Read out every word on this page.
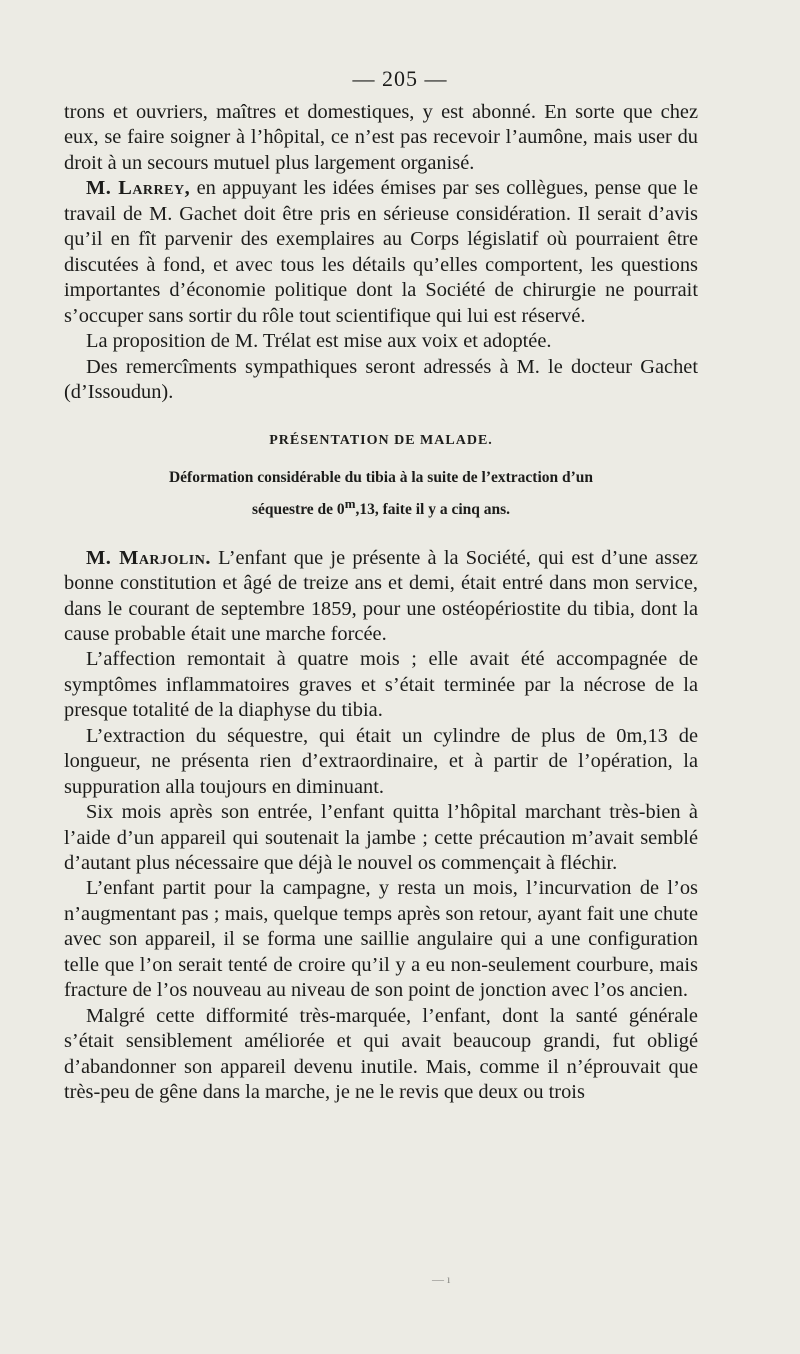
— 205 —

trons et ouvriers, maîtres et domestiques, y est abonné. En sorte que chez eux, se faire soigner à l’hôpital, ce n’est pas recevoir l’aumône, mais user du droit à un secours mutuel plus largement organisé.

M. Larrey, en appuyant les idées émises par ses collègues, pense que le travail de M. Gachet doit être pris en sérieuse considération. Il serait d’avis qu’il en fît parvenir des exemplaires au Corps législatif où pourraient être discutées à fond, et avec tous les détails qu’elles comportent, les questions importantes d’économie politique dont la Société de chirurgie ne pourrait s’occuper sans sortir du rôle tout scientifique qui lui est réservé.

La proposition de M. Trélat est mise aux voix et adoptée.

Des remercîments sympathiques seront adressés à M. le docteur Gachet (d’Issoudun).

PRÉSENTATION DE MALADE.
Déformation considérable du tibia à la suite de l’extraction d’un
séquestre de 0$^m$,13, faite il y a cinq ans.

M. Marjolin. L’enfant que je présente à la Société, qui est d’une assez bonne constitution et âgé de treize ans et demi, était entré dans mon service, dans le courant de septembre 1859, pour une ostéopériostite du tibia, dont la cause probable était une marche forcée.

L’affection remontait à quatre mois ; elle avait été accompagnée de symptômes inflammatoires graves et s’était terminée par la nécrose de la presque totalité de la diaphyse du tibia.

L’extraction du séquestre, qui était un cylindre de plus de 0m,13 de longueur, ne présenta rien d’extraordinaire, et à partir de l’opération, la suppuration alla toujours en diminuant.

Six mois après son entrée, l’enfant quitta l’hôpital marchant très-bien à l’aide d’un appareil qui soutenait la jambe ; cette précaution m’avait semblé d’autant plus nécessaire que déjà le nouvel os commençait à fléchir.

L’enfant partit pour la campagne, y resta un mois, l’incurvation de l’os n’augmentant pas ; mais, quelque temps après son retour, ayant fait une chute avec son appareil, il se forma une saillie angulaire qui a une configuration telle que l’on serait tenté de croire qu’il y a eu non-seulement courbure, mais fracture de l’os nouveau au niveau de son point de jonction avec l’os ancien.

Malgré cette difformité très-marquée, l’enfant, dont la santé générale s’était sensiblement améliorée et qui avait beaucoup grandi, fut obligé d’abandonner son appareil devenu inutile. Mais, comme il n’éprouvait que très-peu de gêne dans la marche, je ne le revis que deux ou trois

— ı
